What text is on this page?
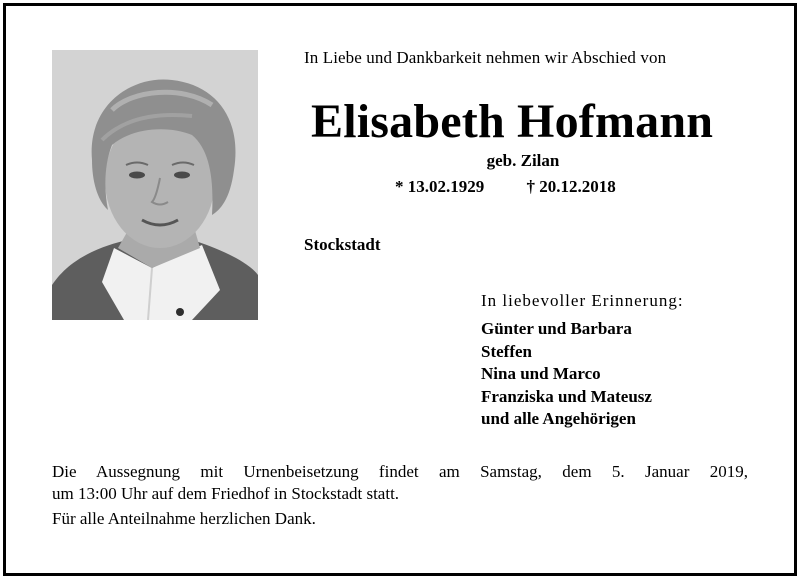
In Liebe und Dankbarkeit nehmen wir Abschied von
Elisabeth Hofmann
geb. Zilan
* 13.02.1929 † 20.12.2018
Stockstadt
In liebevoller Erinnerung:
Günter und Barbara
Steffen
Nina und Marco
Franziska und Mateusz
und alle Angehörigen
Die Aussegnung mit Urnenbeisetzung findet am Samstag, dem 5. Januar 2019,
um 13:00 Uhr auf dem Friedhof in Stockstadt statt.
Für alle Anteilnahme herzlichen Dank.
